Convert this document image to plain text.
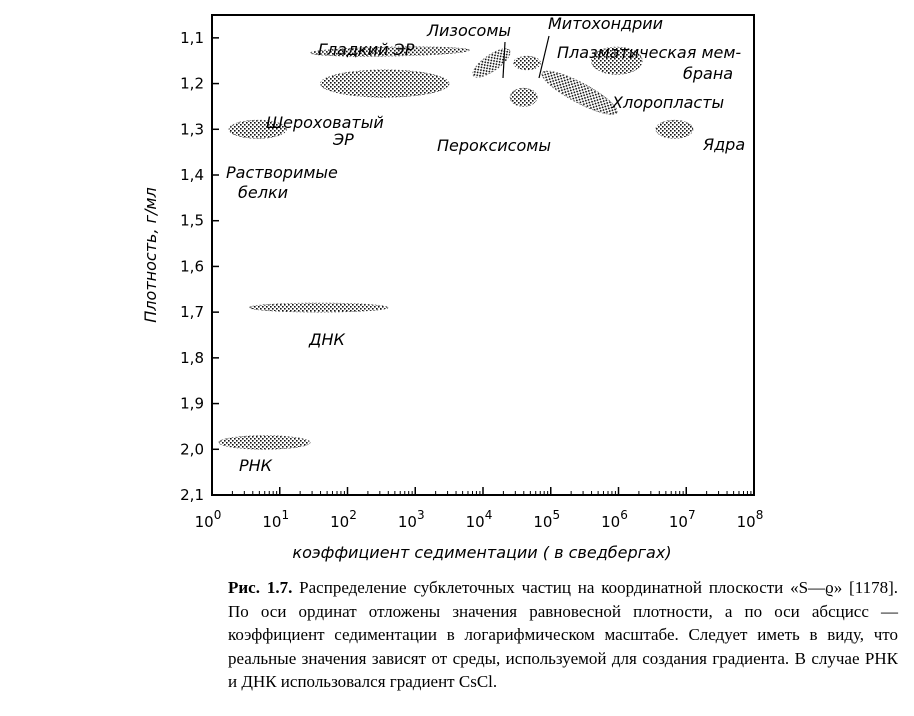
1,1
1,2
1,3
1,4
1,5
1,6
1,7
1,8
1,9
2,0
2,1
$10^0$	$10^1$	$10^2$	$10^3$	$10^4$	$10^5$	$10^6$	$10^7$	$10^8$
Плотность, г/мл
коэффициент седиментации ( в сведбергах)
Гладкий ЭР
Шероховатый
ЭР
Лизосомы Митохондрии
Плазматическая мем-
брана
Хлоропласты
Пероксисомы	Ядра
Растворимые
белки
ДНК
РНК
Рис. 1.7. Распределение субклеточных частиц на координатной плоскости «S—ϱ» [1178]. По оси ординат отложены значения равновесной плотности, а по оси абсцисс — коэффициент седиментации в логарифмическом масштабе. Следует иметь в виду, что реальные значения зависят от среды, используемой для создания градиента. В случае РНК и ДНК использовался градиент CsCl.
